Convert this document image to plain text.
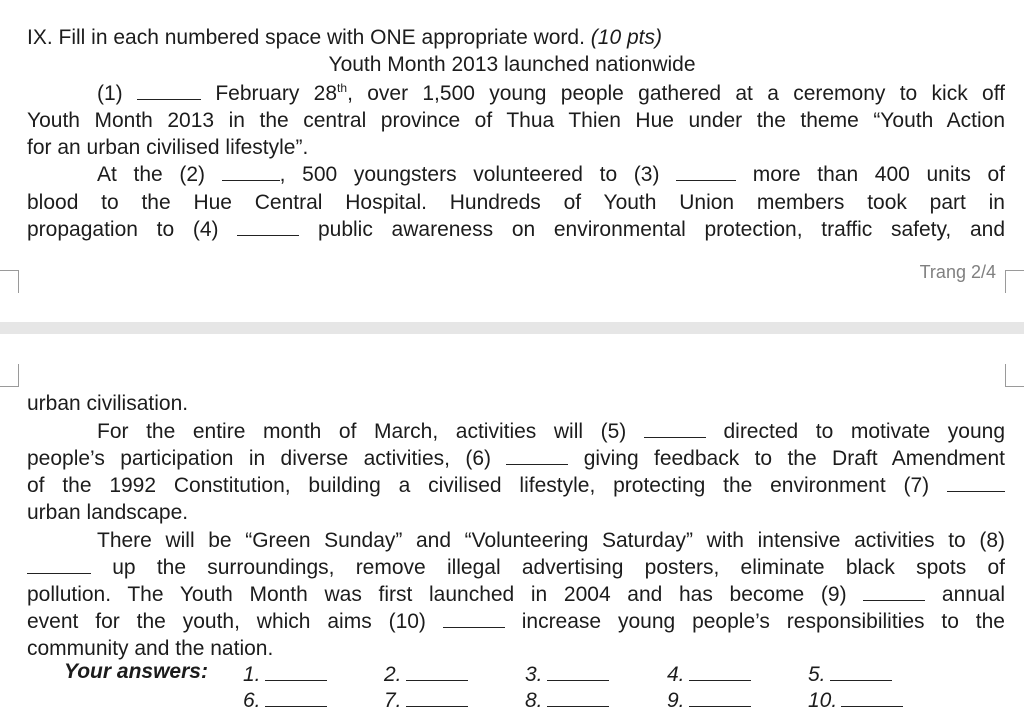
IX. Fill in each numbered space with ONE appropriate word. (10 pts)
Youth Month 2013 launched nationwide
(1)	February 28th, over 1,500 young people gathered at a ceremony to kick off
Youth Month 2013 in the central province of Thua Thien Hue under the theme “Youth Action
for an urban civilised lifestyle”.
At the (2)	, 500 youngsters volunteered to (3)	more than 400 units of
blood to the Hue Central Hospital. Hundreds of Youth Union members took part in
propagation to (4)	public awareness on environmental protection, traffic safety, and
Trang 2/4
urban civilisation.
For the entire month of March, activities will (5)	directed to motivate young
people’s participation in diverse activities, (6)	giving feedback to the Draft Amendment
of the 1992 Constitution, building a civilised lifestyle, protecting the environment (7)
urban landscape.
There will be “Green Sunday” and “Volunteering Saturday” with intensive activities to (8)
up the surroundings, remove illegal advertising posters, eliminate black spots of
pollution. The Youth Month was first launched in 2004 and has become (9)	annual
event for the youth, which aims (10)	increase young people’s responsibilities to the
community and the nation.
Your answers: 1.	2.	3.	4.	5.
6.	7.	8.	9.	10.
